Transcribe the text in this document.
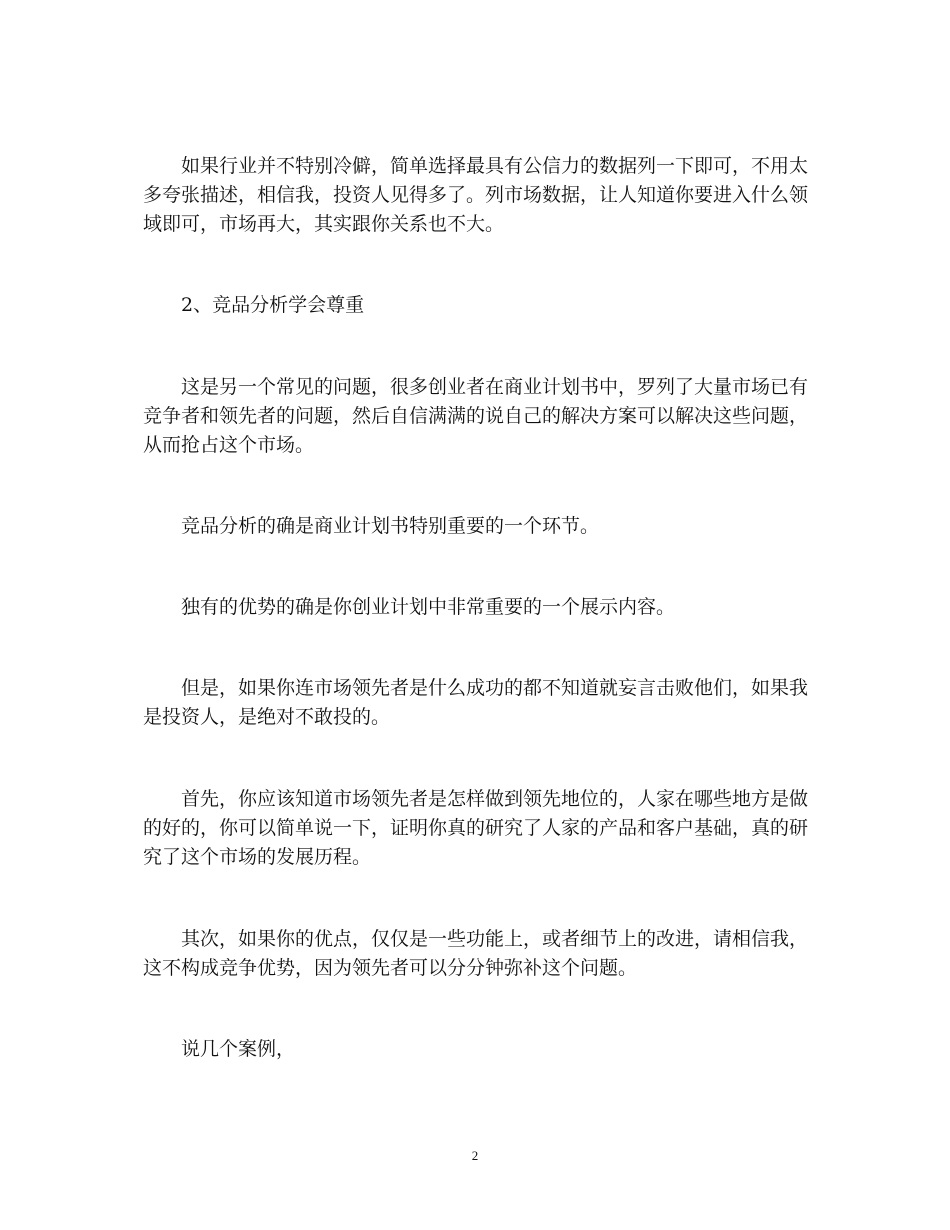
如果行业并不特别冷僻，简单选择最具有公信力的数据列一下即可，不用太多夸张描述，相信我，投资人见得多了。列市场数据，让人知道你要进入什么领域即可，市场再大，其实跟你关系也不大。

2、竞品分析学会尊重

这是另一个常见的问题，很多创业者在商业计划书中，罗列了大量市场已有竞争者和领先者的问题，然后自信满满的说自己的解决方案可以解决这些问题，从而抢占这个市场。

竞品分析的确是商业计划书特别重要的一个环节。

独有的优势的确是你创业计划中非常重要的一个展示内容。

但是，如果你连市场领先者是什么成功的都不知道就妄言击败他们，如果我是投资人，是绝对不敢投的。

首先，你应该知道市场领先者是怎样做到领先地位的，人家在哪些地方是做的好的，你可以简单说一下，证明你真的研究了人家的产品和客户基础，真的研究了这个市场的发展历程。

其次，如果你的优点，仅仅是一些功能上，或者细节上的改进，请相信我，这不构成竞争优势，因为领先者可以分分钟弥补这个问题。

说几个案例，

2
